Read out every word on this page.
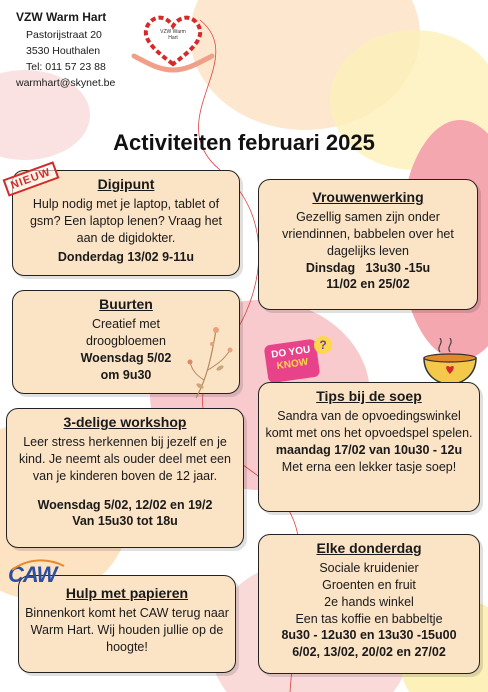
VZW Warm Hart
Pastorijstraat 20
3530 Houthalen
Tel: 011 57 23 88
warmhart@skynet.be
VZW Warm Hart
Activiteiten februari 2025
Digipunt
Hulp nodig met je laptop, tablet of gsm? Een laptop lenen? Vraag het aan de digidokter.
Donderdag 13/02 9-11u
NIEUW
Vrouwenwerking
Gezellig samen zijn onder vriendinnen, babbelen over het dagelijks leven
Dinsdag   13u30 -15u
11/02 en 25/02
Buurten
Creatief met
droogbloemen
Woensdag 5/02
om 9u30
DO YOU
KNOW
?
Tips bij de soep
Sandra van de opvoedingswinkel komt met ons het opvoedspel spelen.
maandag 17/02 van 10u30 - 12u
Met erna een lekker tasje soep!
3-delige workshop
Leer stress herkennen bij jezelf en je kind. Je neemt als ouder deel met een van je kinderen boven de 12 jaar.
Woensdag 5/02, 12/02 en 19/2
Van 15u30 tot 18u
Elke donderdag
Sociale kruidenier
Groenten en fruit
2e hands winkel
Een tas koffie en babbeltje
8u30 - 12u30 en 13u30 -15u00
6/02, 13/02, 20/02 en 27/02
Hulp met papieren
Binnenkort komt het CAW terug naar Warm Hart. Wij houden jullie op de hoogte!
CAW
